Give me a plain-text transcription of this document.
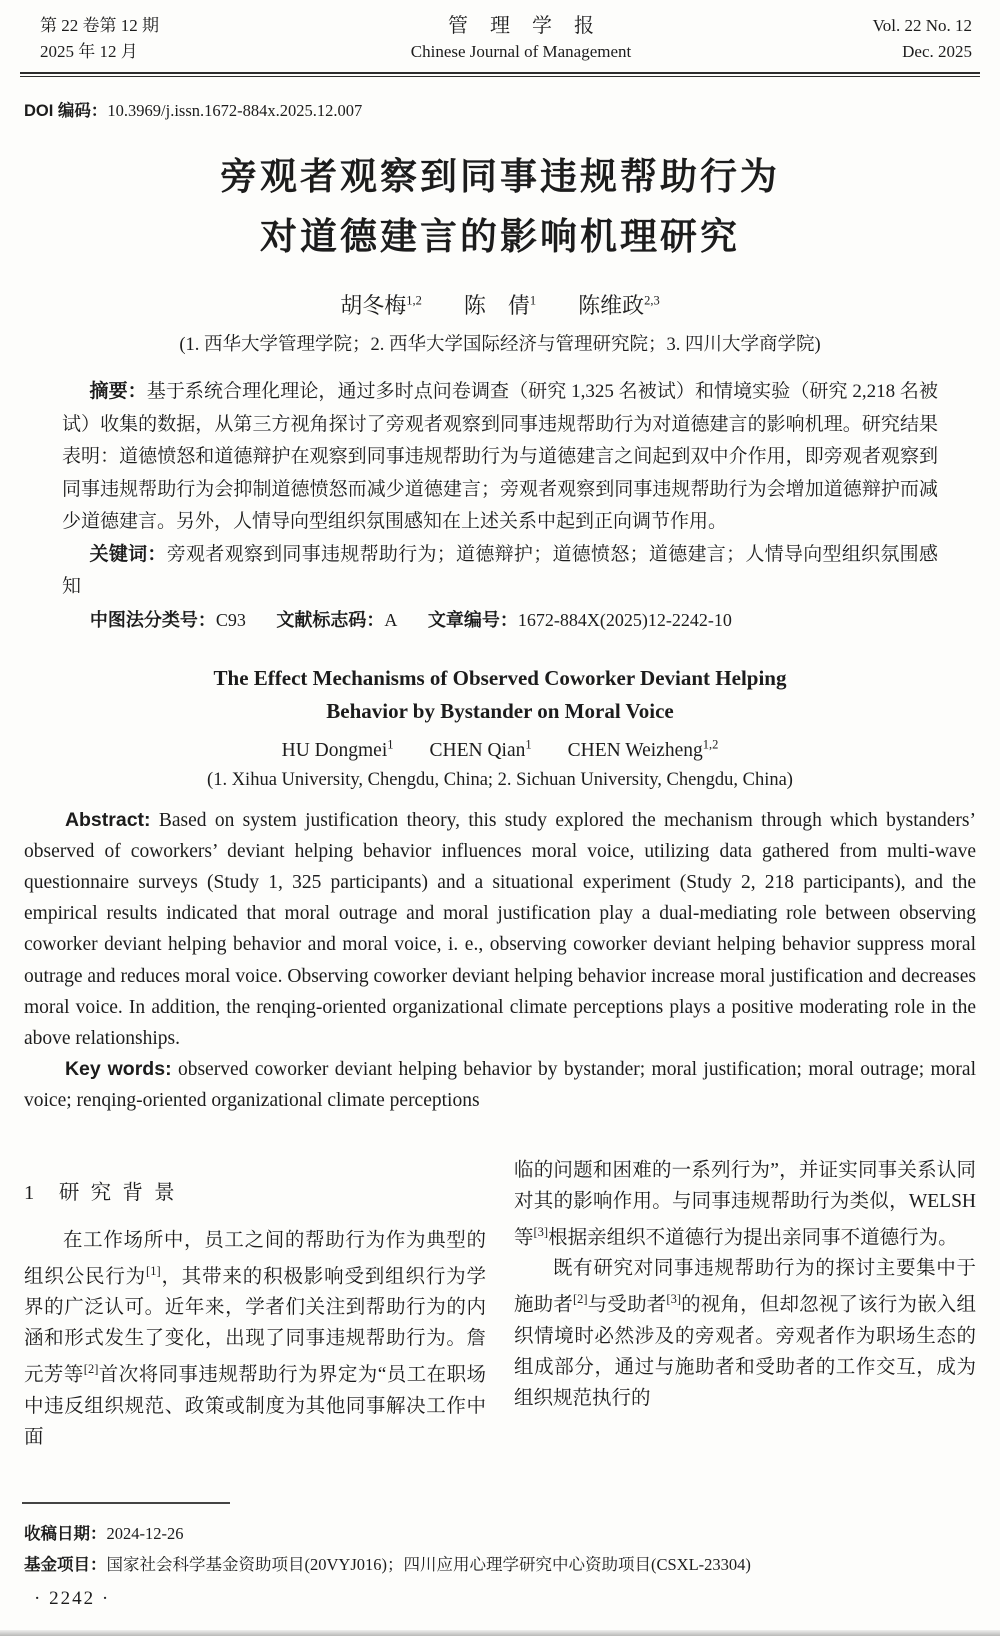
第 22 卷第 12 期
2025 年 12 月
管理学报
Chinese Journal of Management
Vol. 22 No. 12
Dec. 2025
DOI 编码：10.3969/j.issn.1672-884x.2025.12.007
旁观者观察到同事违规帮助行为
对道德建言的影响机理研究
胡冬梅$^{1,2}$ 陈　倩$^1$ 陈维政$^{2,3}$
(1. 西华大学管理学院；2. 西华大学国际经济与管理研究院；3. 四川大学商学院)
摘要：基于系统合理化理论，通过多时点问卷调查（研究 1,325 名被试）和情境实验（研究 2,218 名被试）收集的数据，从第三方视角探讨了旁观者观察到同事违规帮助行为对道德建言的影响机理。研究结果表明：道德愤怒和道德辩护在观察到同事违规帮助行为与道德建言之间起到双中介作用，即旁观者观察到同事违规帮助行为会抑制道德愤怒而减少道德建言；旁观者观察到同事违规帮助行为会增加道德辩护而减少道德建言。另外，人情导向型组织氛围感知在上述关系中起到正向调节作用。
关键词：旁观者观察到同事违规帮助行为；道德辩护；道德愤怒；道德建言；人情导向型组织氛围感知
中图法分类号：C93 文献标志码：A 文章编号：1672-884X(2025)12-2242-10
The Effect Mechanisms of Observed Coworker Deviant Helping
Behavior by Bystander on Moral Voice
HU Dongmei$^1$ CHEN Qian$^1$ CHEN Weizheng$^{1,2}$
(1. Xihua University, Chengdu, China; 2. Sichuan University, Chengdu, China)
Abstract: Based on system justification theory, this study explored the mechanism through which bystanders’ observed of coworkers’ deviant helping behavior influences moral voice, utilizing data gathered from multi-wave questionnaire surveys (Study 1, 325 participants) and a situational experiment (Study 2, 218 participants), and the empirical results indicated that moral outrage and moral justification play a dual-mediating role between observing coworker deviant helping behavior and moral voice, i. e., observing coworker deviant helping behavior suppress moral outrage and reduces moral voice. Observing coworker deviant helping behavior increase moral justification and decreases moral voice. In addition, the renqing-oriented organizational climate perceptions plays a positive moderating role in the above relationships.
Key words: observed coworker deviant helping behavior by bystander; moral justification; moral outrage; moral voice; renqing-oriented organizational climate perceptions
1 研究背景

在工作场所中，员工之间的帮助行为作为典型的组织公民行为[1]，其带来的积极影响受到组织行为学界的广泛认可。近年来，学者们关注到帮助行为的内涵和形式发生了变化，出现了同事违规帮助行为。詹元芳等[2]首次将同事违规帮助行为界定为“员工在职场中违反组织规范、政策或制度为其他同事解决工作中面

临的问题和困难的一系列行为”，并证实同事关系认同对其的影响作用。与同事违规帮助行为类似，WELSH 等[3]根据亲组织不道德行为提出亲同事不道德行为。

既有研究对同事违规帮助行为的探讨主要集中于施助者[2]与受助者[3]的视角，但却忽视了该行为嵌入组织情境时必然涉及的旁观者。旁观者作为职场生态的组成部分，通过与施助者和受助者的工作交互，成为组织规范执行的

收稿日期：2024-12-26
基金项目：国家社会科学基金资助项目(20VYJ016)；四川应用心理学研究中心资助项目(CSXL-23304)
· 2242 ·
